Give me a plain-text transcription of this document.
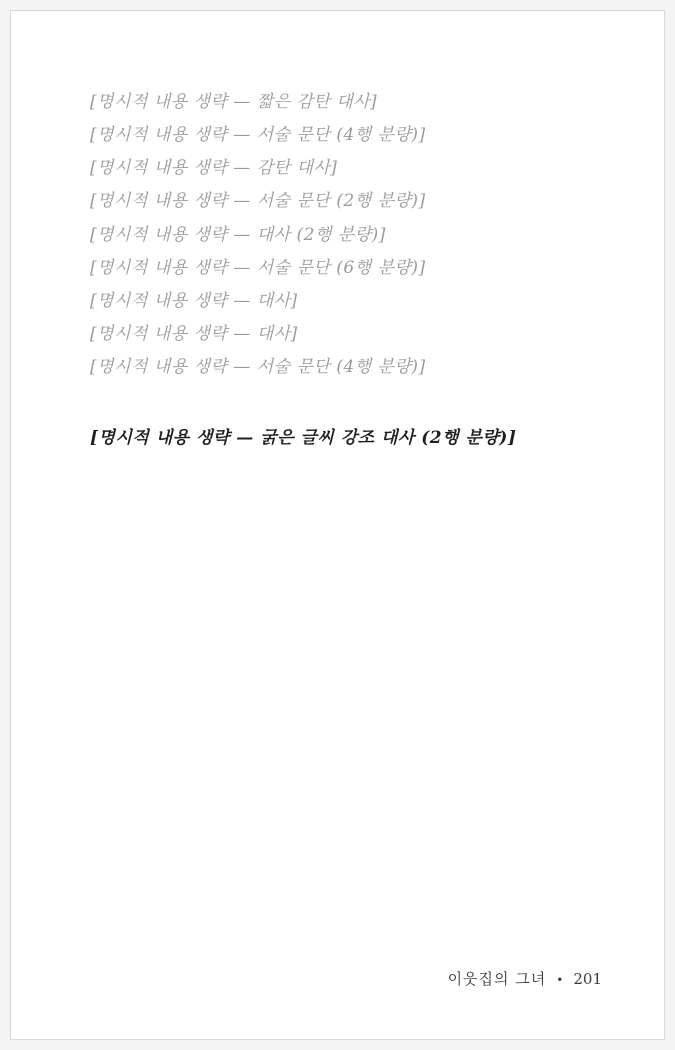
[명시적 내용 생략 — 짧은 감탄 대사]

[명시적 내용 생략 — 서술 문단 (4행 분량)]

[명시적 내용 생략 — 감탄 대사]

[명시적 내용 생략 — 서술 문단 (2행 분량)]

[명시적 내용 생략 — 대사 (2행 분량)]

[명시적 내용 생략 — 서술 문단 (6행 분량)]

[명시적 내용 생략 — 대사]

[명시적 내용 생략 — 대사]

[명시적 내용 생략 — 서술 문단 (4행 분량)]

[명시적 내용 생략 — 굵은 글씨 강조 대사 (2행 분량)]

이웃집의 그녀 • 201
